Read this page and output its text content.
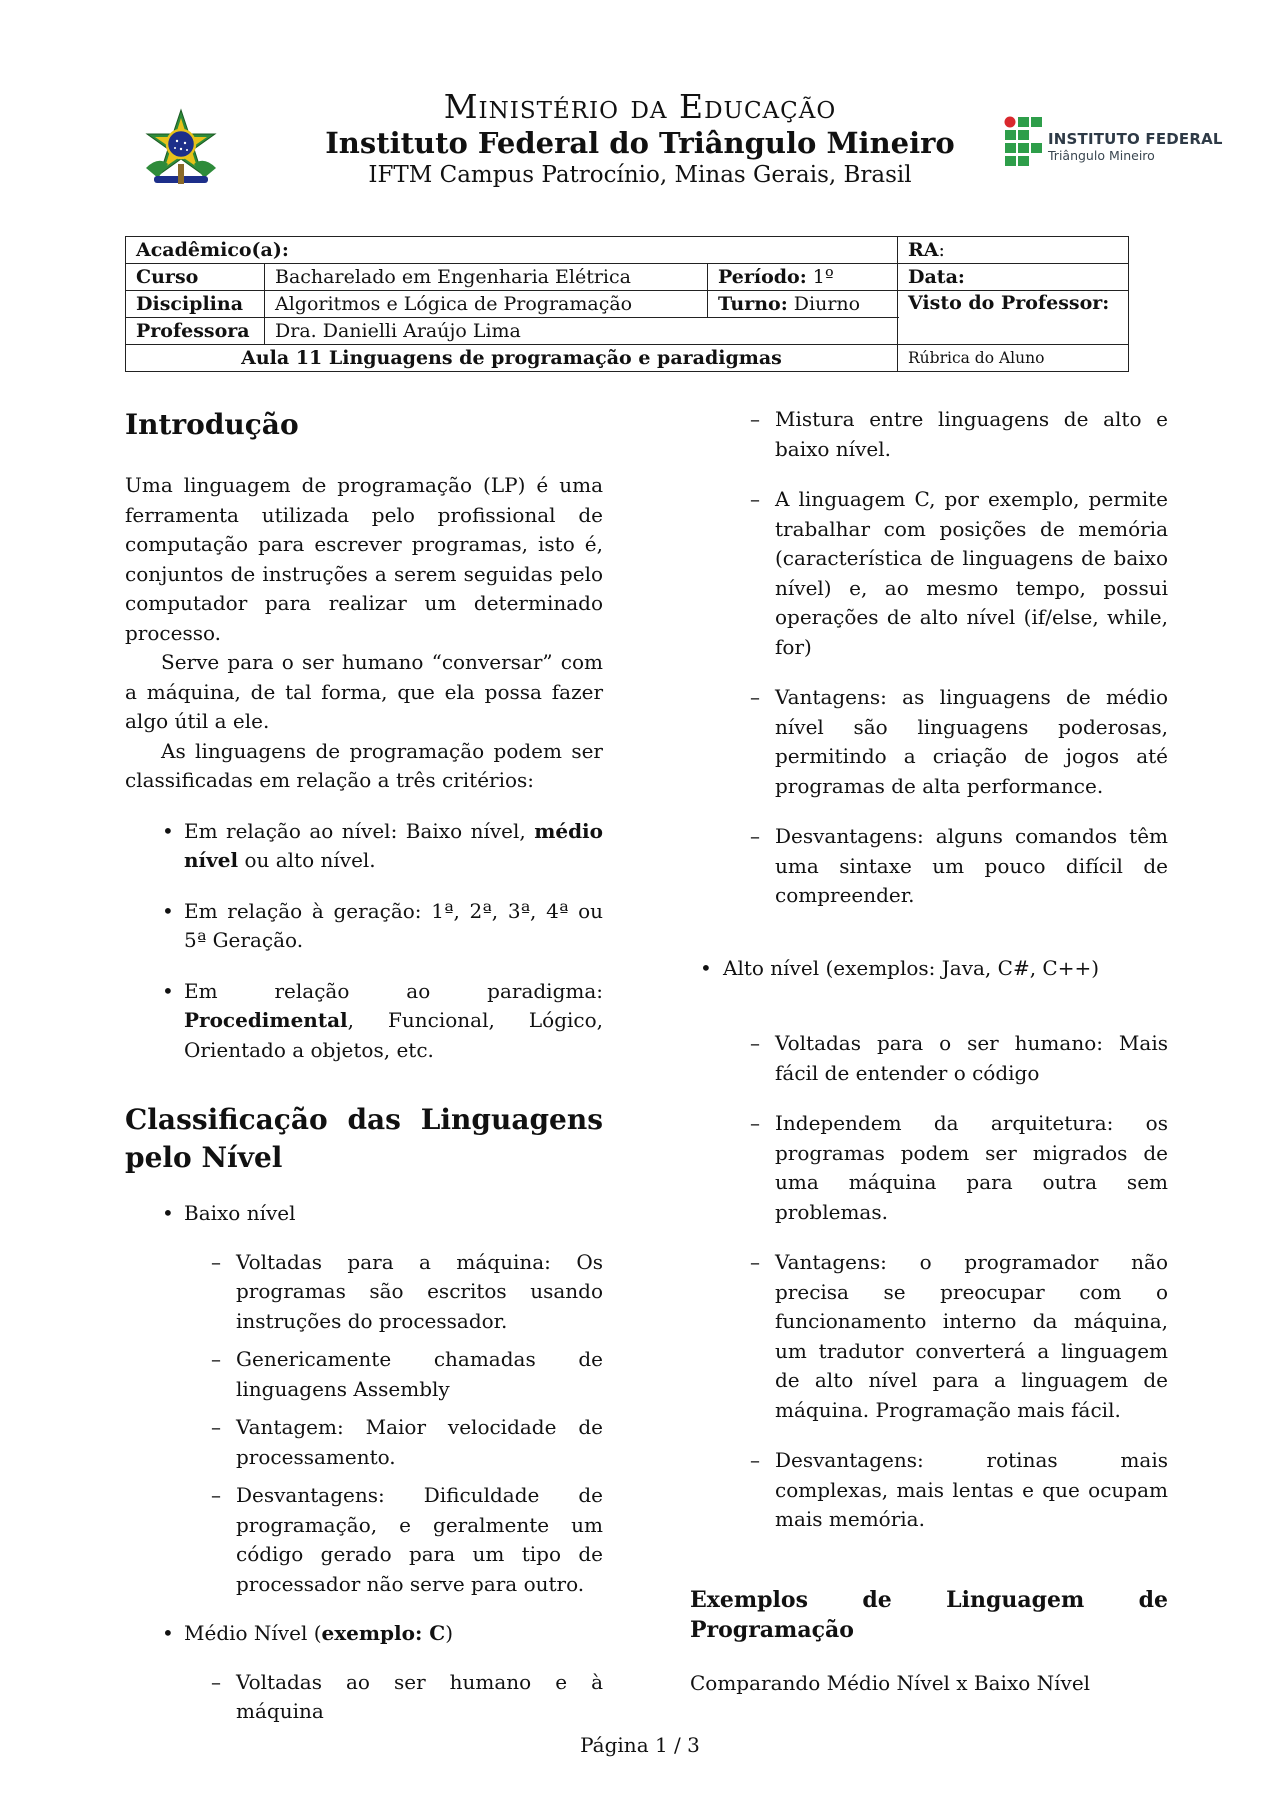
Ministério da Educação
Instituto Federal do Triângulo Mineiro
IFTM Campus Patrocínio, Minas Gerais, Brasil
INSTITUTO FEDERAL
Triângulo Mineiro
Acadêmico(a):			RA:
Curso	Bacharelado em Engenharia Elétrica	Período: 1º	Data:
Disciplina	Algoritmos e Lógica de Programação	Turno: Diurno	Visto do Professor:
Professora	Dra. Danielli Araújo Lima		
Aula 11 Linguagens de programação e paradigmas			Rúbrica do Aluno
Introdução

Uma linguagem de programação (LP) é uma ferramenta utilizada pelo profissional de computação para escrever programas, isto é, conjuntos de instruções a serem seguidas pelo computador para realizar um determinado processo.

Serve para o ser humano “conversar” com a máquina, de tal forma, que ela possa fazer algo útil a ele.

As linguagens de programação podem ser classificadas em relação a três critérios:

• Em relação ao nível: Baixo nível, médio nível ou alto nível.
• Em relação à geração: 1ª, 2ª, 3ª, 4ª ou 5ª Geração.
• Em relação ao paradigma: Procedimental, Funcional, Lógico, Orientado a objetos, etc.
Classificação das Linguagens pelo Nível
• Baixo nível
– Voltadas para a máquina: Os programas são escritos usando instruções do processador.
– Genericamente chamadas de linguagens Assembly
– Vantagem: Maior velocidade de processamento.
– Desvantagens: Dificuldade de programação, e geralmente um código gerado para um tipo de processador não serve para outro.
• Médio Nível (exemplo: C)
– Voltadas ao ser humano e à máquina
– Mistura entre linguagens de alto e baixo nível.

– A linguagem C, por exemplo, permite trabalhar com posições de memória (característica de linguagens de baixo nível) e, ao mesmo tempo, possui operações de alto nível (if/else, while, for)

– Vantagens: as linguagens de médio nível são linguagens poderosas, permitindo a criação de jogos até programas de alta performance.

– Desvantagens: alguns comandos têm uma sintaxe um pouco difícil de compreender.

• Alto nível (exemplos: Java, C#, C++)
– Voltadas para o ser humano: Mais fácil de entender o código

– Independem da arquitetura: os programas podem ser migrados de uma máquina para outra sem problemas.

– Vantagens: o programador não precisa se preocupar com o funcionamento interno da máquina, um tradutor converterá a linguagem de alto nível para a linguagem de máquina. Programação mais fácil.

– Desvantagens: rotinas mais complexas, mais lentas e que ocupam mais memória.

Exemplos de Linguagem de Programação

Comparando Médio Nível x Baixo Nível

Página 1 / 3
